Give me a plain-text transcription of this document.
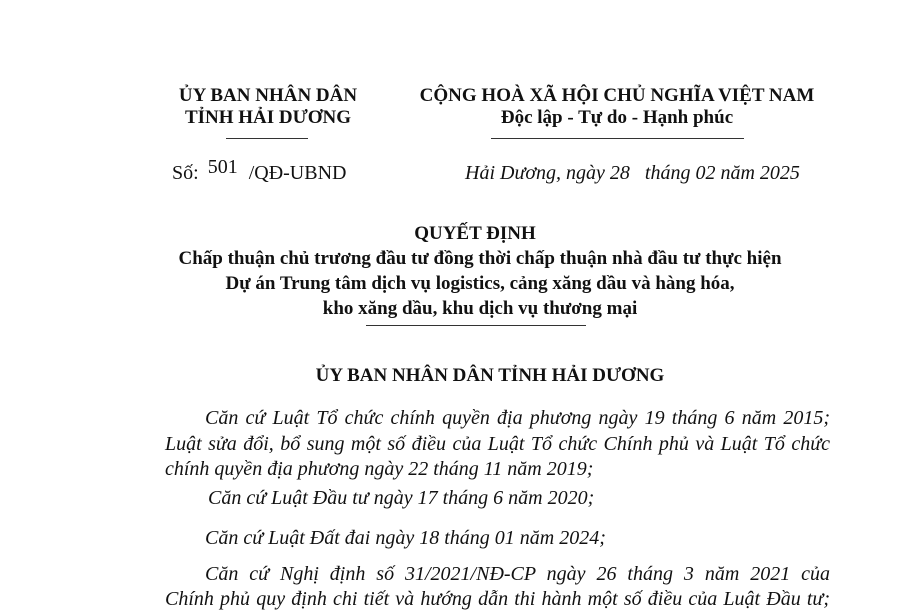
ỦY BAN NHÂN DÂN
TỈNH HẢI DƯƠNG
CỘNG HOÀ XÃ HỘI CHỦ NGHĨA VIỆT NAM
Độc lập - Tự do - Hạnh phúc
Số: 501 /QĐ-UBND	Hải Dương, ngày 28 tháng 02 năm 2025
QUYẾT ĐỊNH
Chấp thuận chủ trương đầu tư đồng thời chấp thuận nhà đầu tư thực hiện
Dự án Trung tâm dịch vụ logistics, cảng xăng dầu và hàng hóa,
kho xăng dầu, khu dịch vụ thương mại
ỦY BAN NHÂN DÂN TỈNH HẢI DƯƠNG
Căn cứ Luật Tổ chức chính quyền địa phương ngày 19 tháng 6 năm 2015;
Luật sửa đổi, bổ sung một số điều của Luật Tổ chức Chính phủ và Luật Tổ chức
chính quyền địa phương ngày 22 tháng 11 năm 2019;
Căn cứ Luật Đầu tư ngày 17 tháng 6 năm 2020;
Căn cứ Luật Đất đai ngày 18 tháng 01 năm 2024;
Căn cứ Nghị định số 31/2021/NĐ-CP ngày 26 tháng 3 năm 2021 của
Chính phủ quy định chi tiết và hướng dẫn thi hành một số điều của Luật Đầu tư;
